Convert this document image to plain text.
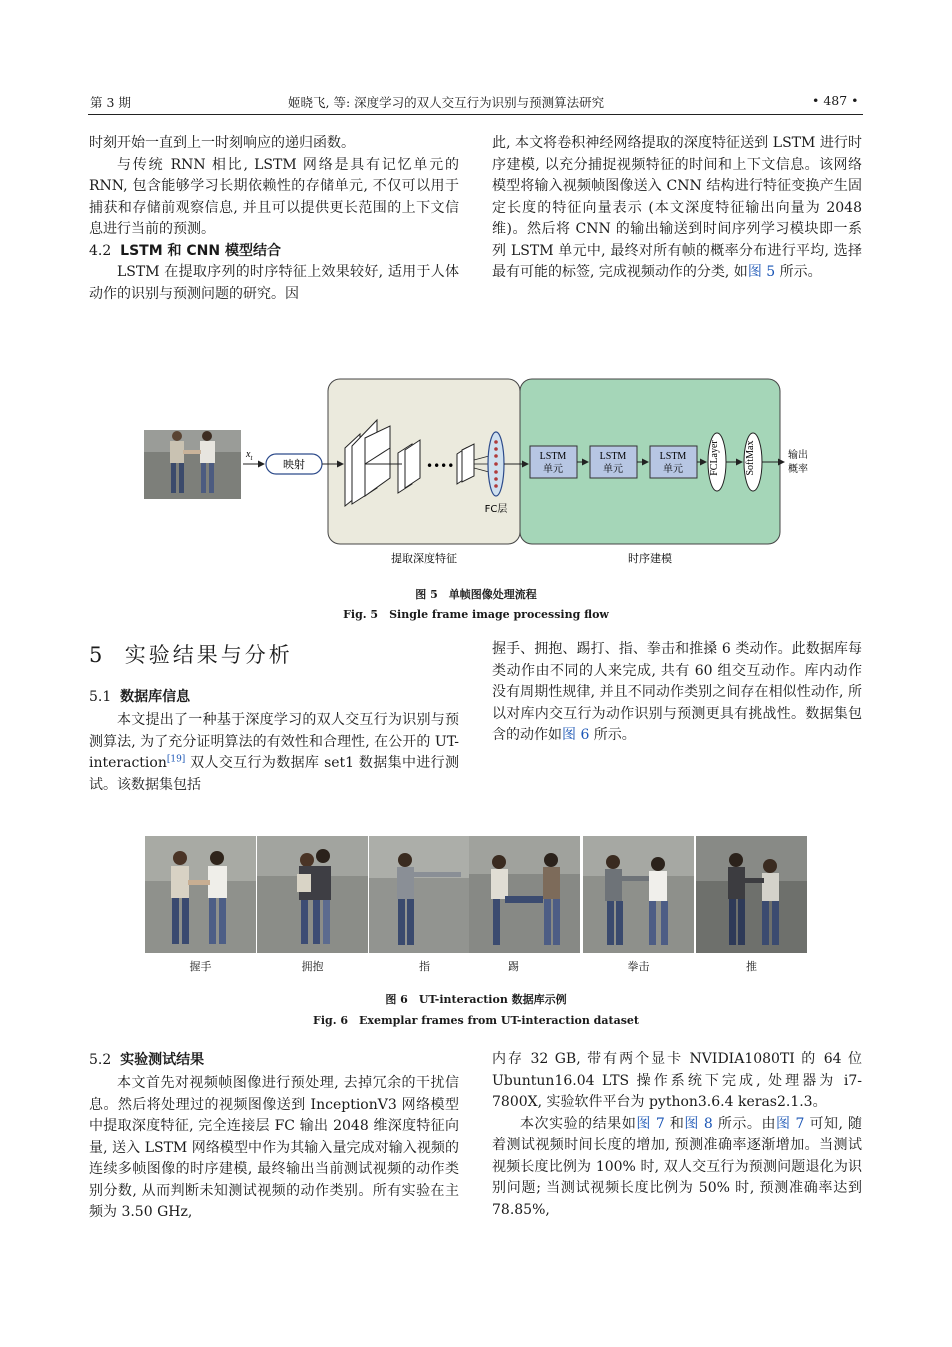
第 3 期	姬晓飞, 等: 深度学习的双人交互行为识别与预测算法研究	• 487 •

时刻开始一直到上一时刻响应的递归函数。

与传统 RNN 相比, LSTM 网络是具有记忆单元的 RNN, 包含能够学习长期依赖性的存储单元, 不仅可以用于捕获和存储前观察信息, 并且可以提供更长范围的上下文信息进行当前的预测。

4.2 LSTM 和 CNN 模型结合

LSTM 在提取序列的时序特征上效果较好, 适用于人体动作的识别与预测问题的研究。因

此, 本文将卷积神经网络提取的深度特征送到 LSTM 进行时序建模, 以充分捕捉视频特征的时间和上下文信息。该网络模型将输入视频帧图像送入 CNN 结构进行特征变换产生固定长度的特征向量表示 (本文深度特征输出向量为 2048 维)。然后将 CNN 的输出输送到时间序列学习模块即一系列 LSTM 单元中, 最终对所有帧的概率分布进行平均, 选择最有可能的标签, 完成视频动作的分类, 如图 5 所示。

$x_t$	映射	••••
FC层
LSTM
单元
LSTM
单元
LSTM
单元	FCLayer	SoftMax	输出
概率
提取深度特征	时序建模
图 5　单帧图像处理流程
Fig. 5　Single frame image processing flow
5 实验结果与分析
5.1 数据库信息

本文提出了一种基于深度学习的双人交互行为识别与预测算法, 为了充分证明算法的有效性和合理性, 在公开的 UT-interaction[19] 双人交互行为数据库 set1 数据集中进行测试。该数据集包括

握手、拥抱、踢打、指、拳击和推搡 6 类动作。此数据库每类动作由不同的人来完成, 共有 60 组交互动作。库内动作没有周期性规律, 并且不同动作类别之间存在相似性动作, 所以对库内交互行为动作识别与预测更具有挑战性。数据集包含的动作如图 6 所示。

握手	拥抱	指	踢	拳击	推
图 6　UT-interaction 数据库示例
Fig. 6　Exemplar frames from UT-interaction dataset
5.2 实验测试结果

本文首先对视频帧图像进行预处理, 去掉冗余的干扰信息。然后将处理过的视频图像送到 InceptionV3 网络模型中提取深度特征, 完全连接层 FC 输出 2048 维深度特征向量, 送入 LSTM 网络模型中作为其输入量完成对输入视频的连续多帧图像的时序建模, 最终输出当前测试视频的动作类别分数, 从而判断未知测试视频的动作类别。所有实验在主频为 3.50 GHz,

内存 32 GB, 带有两个显卡 NVIDIA1080TI 的 64 位 Ubuntun16.04 LTS 操作系统下完成, 处理器为 i7-7800X, 实验软件平台为 python3.6.4 keras2.1.3。

本次实验的结果如图 7 和图 8 所示。由图 7 可知, 随着测试视频时间长度的增加, 预测准确率逐渐增加。当测试视频长度比例为 100% 时, 双人交互行为预测问题退化为识别问题; 当测试视频长度比例为 50% 时, 预测准确率达到 78.85%,
